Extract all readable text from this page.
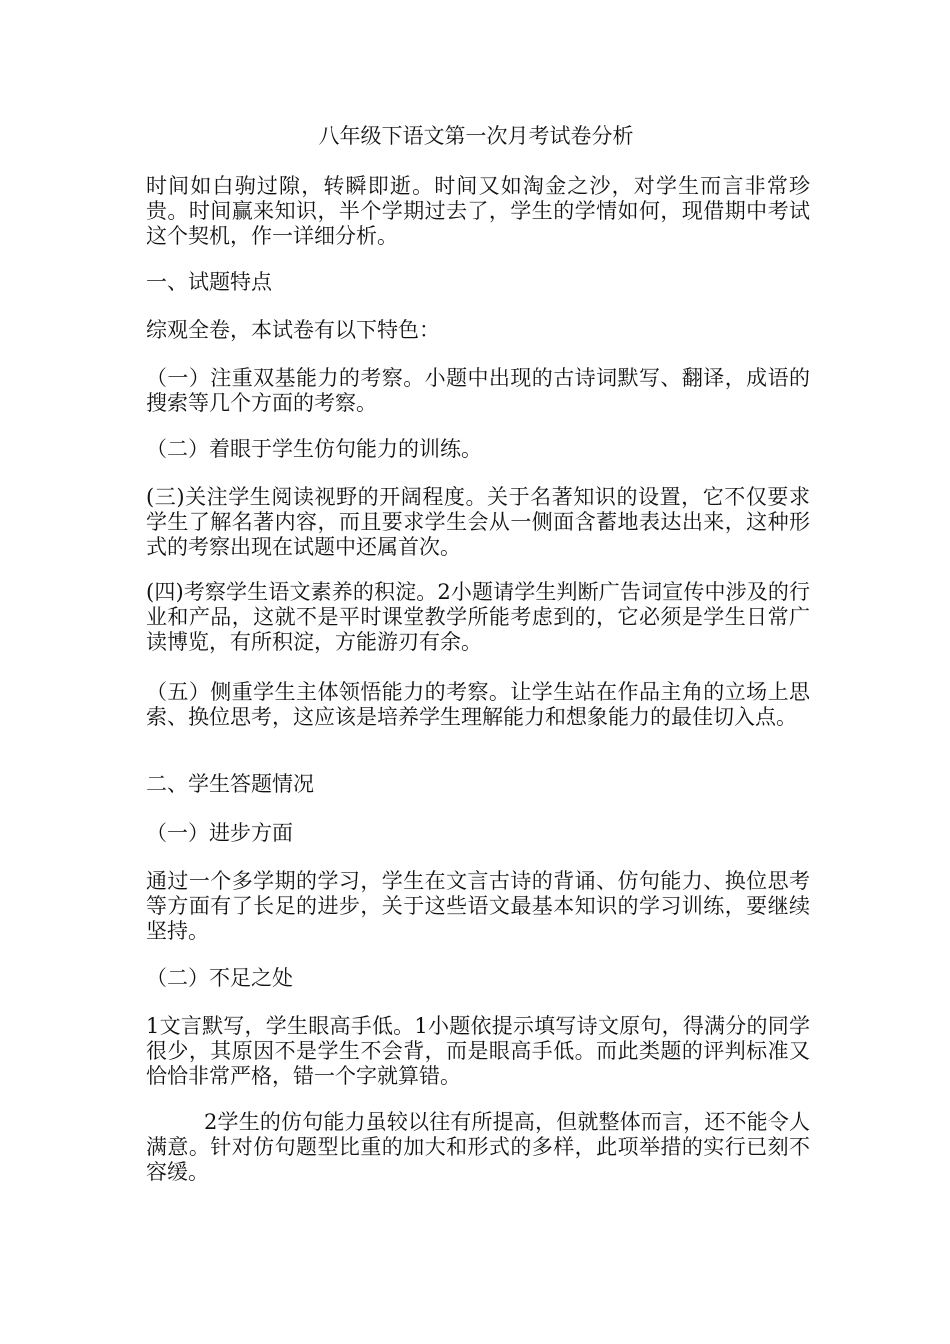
八年级下语文第一次月考试卷分析
时间如白驹过隙，转瞬即逝。时间又如淘金之沙，对学生而言非常珍贵。时间赢来知识，半个学期过去了，学生的学情如何，现借期中考试这个契机，作一详细分析。
一、试题特点
综观全卷，本试卷有以下特色：
（一）注重双基能力的考察。小题中出现的古诗词默写、翻译，成语的搜索等几个方面的考察。
（二）着眼于学生仿句能力的训练。
(三)关注学生阅读视野的开阔程度。关于名著知识的设置，它不仅要求学生了解名著内容，而且要求学生会从一侧面含蓄地表达出来，这种形式的考察出现在试题中还属首次。
(四)考察学生语文素养的积淀。2小题请学生判断广告词宣传中涉及的行业和产品，这就不是平时课堂教学所能考虑到的，它必须是学生日常广读博览，有所积淀，方能游刃有余。
（五）侧重学生主体领悟能力的考察。让学生站在作品主角的立场上思索、换位思考，这应该是培养学生理解能力和想象能力的最佳切入点。
二、学生答题情况
（一）进步方面
通过一个多学期的学习，学生在文言古诗的背诵、仿句能力、换位思考等方面有了长足的进步，关于这些语文最基本知识的学习训练，要继续坚持。
（二）不足之处
1文言默写，学生眼高手低。1小题依提示填写诗文原句，得满分的同学很少，其原因不是学生不会背，而是眼高手低。而此类题的评判标准又恰恰非常严格，错一个字就算错。
2学生的仿句能力虽较以往有所提高，但就整体而言，还不能令人满意。针对仿句题型比重的加大和形式的多样，此项举措的实行已刻不容缓。
